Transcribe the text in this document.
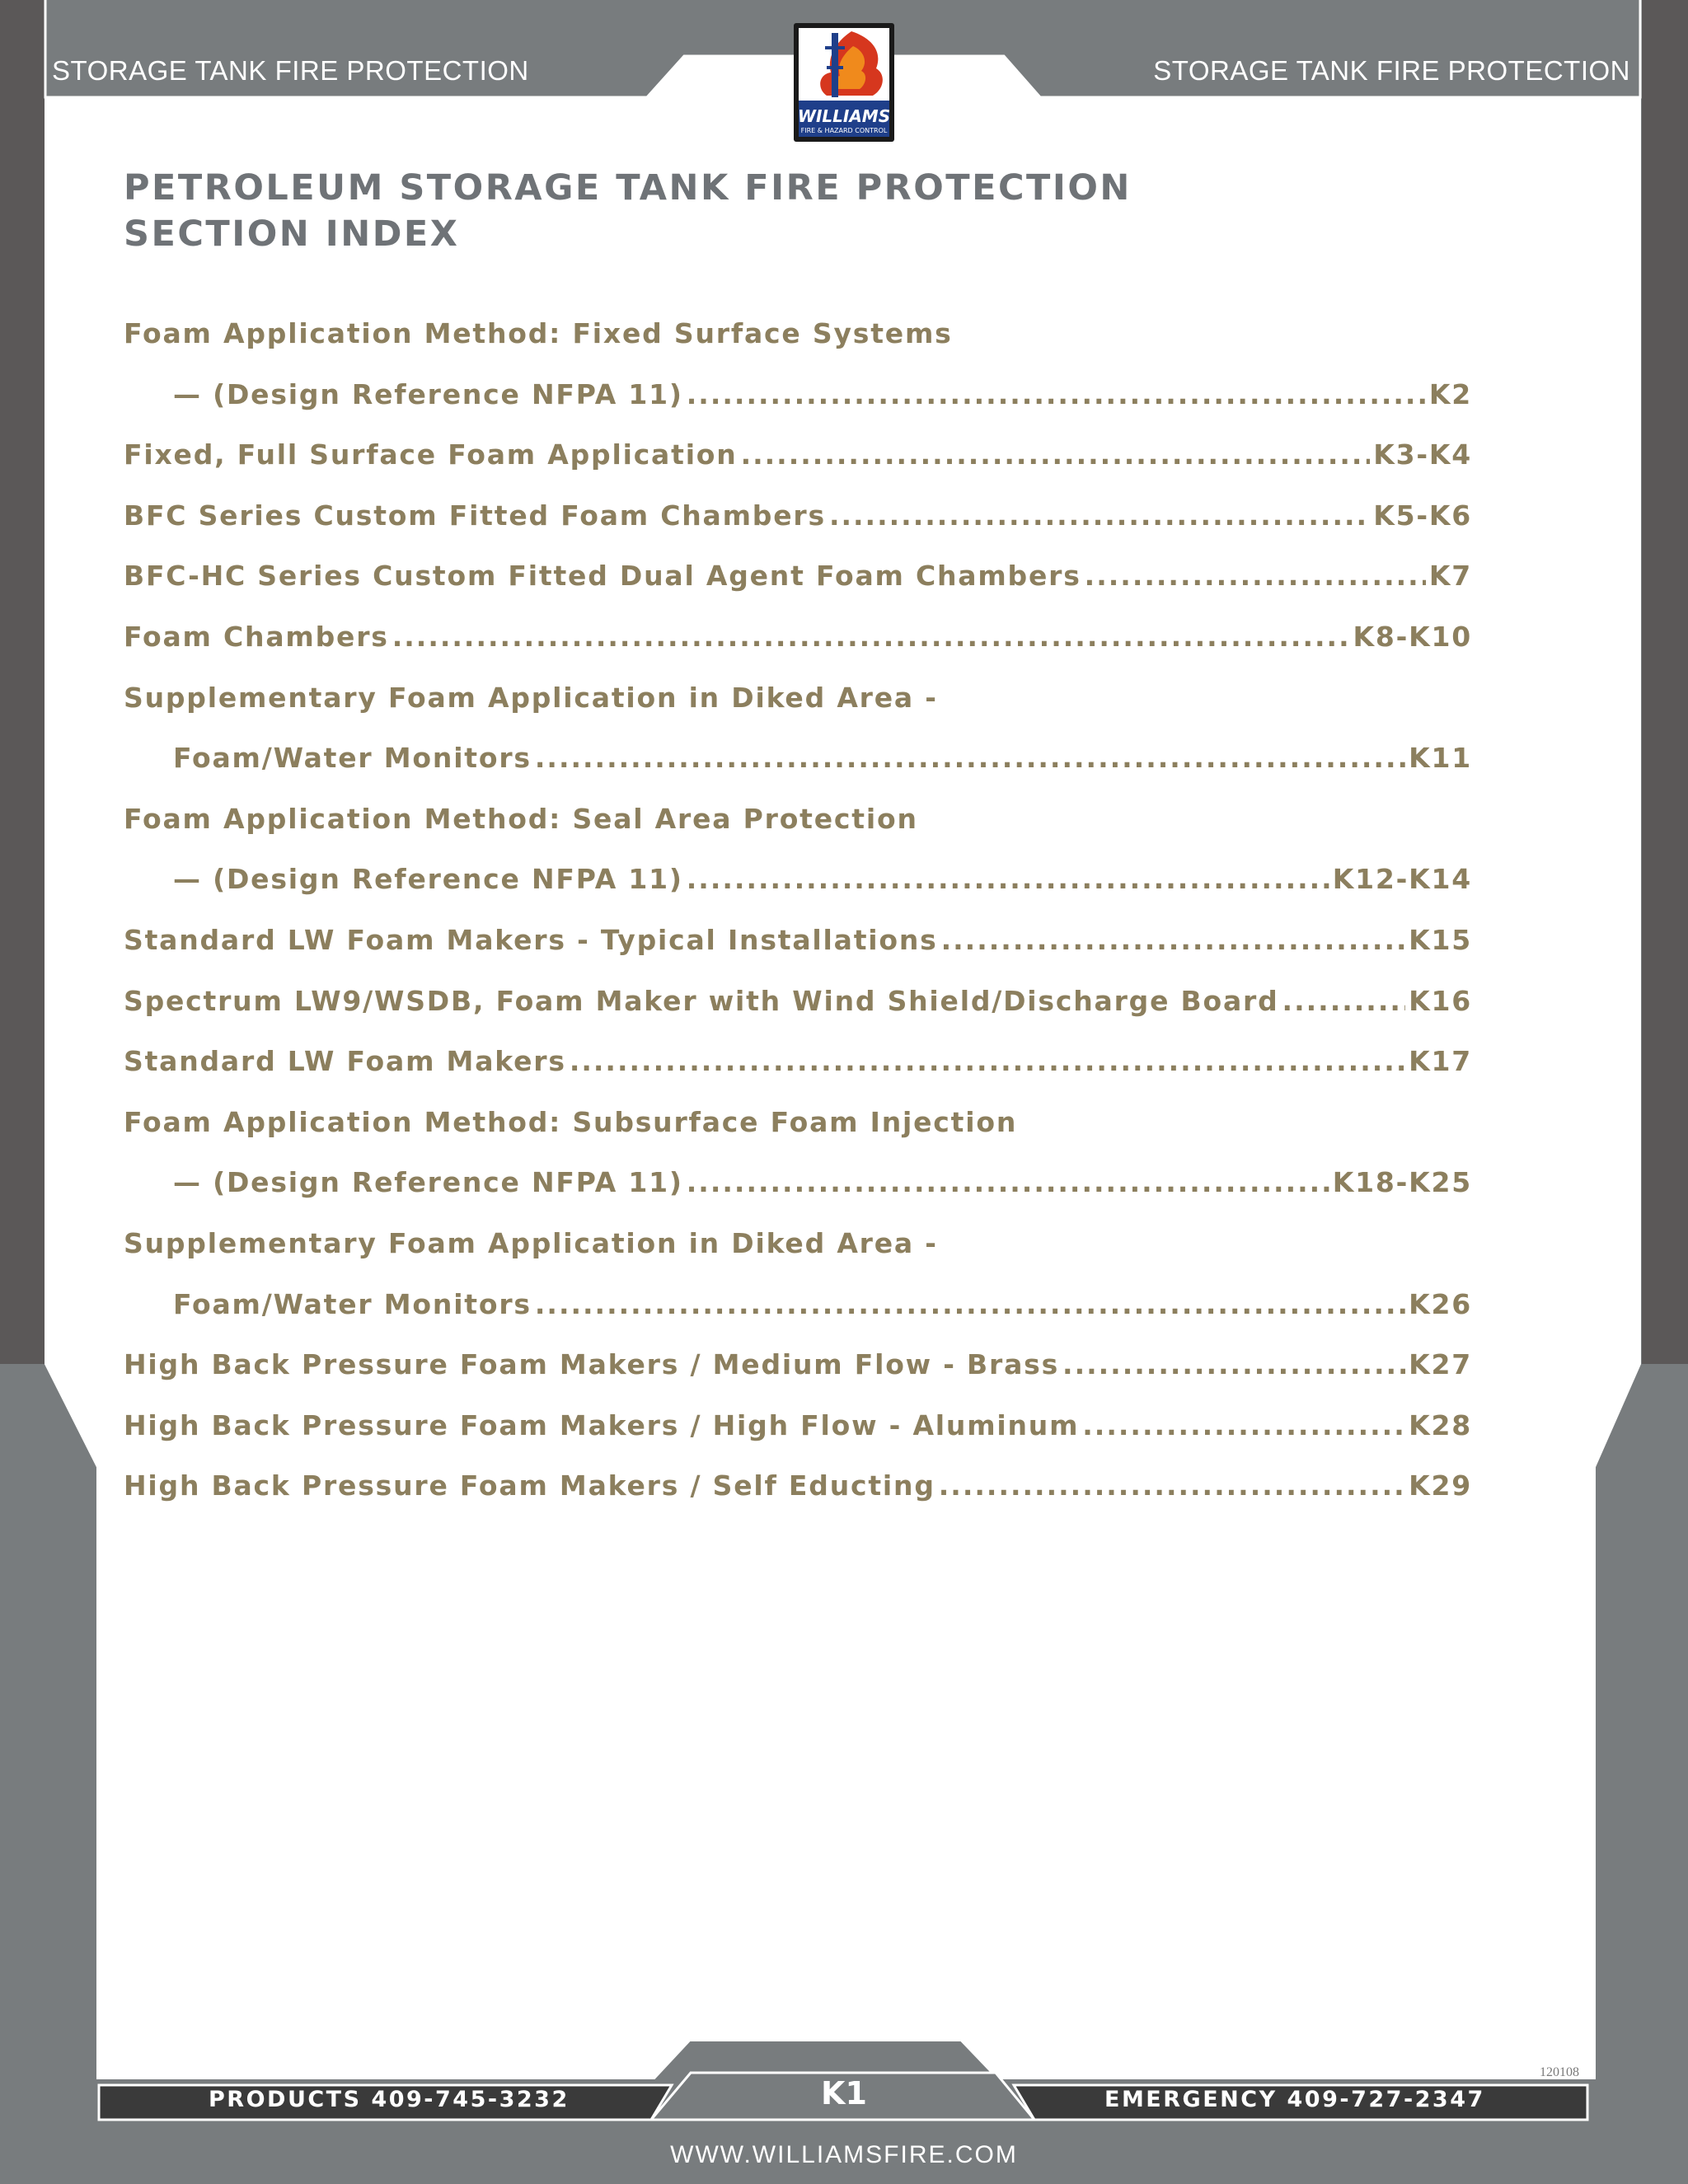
STORAGE TANK FIRE PROTECTION	STORAGE TANK FIRE PROTECTION
WILLIAMS
FIRE & HAZARD CONTROL
PETROLEUM STORAGE TANK FIRE PROTECTION
SECTION INDEX
Foam Application Method: Fixed Surface Systems
— (Design Reference NFPA 11) .....	K2
Fixed, Full Surface Foam Application .....	K3-K4
BFC Series Custom Fitted Foam Chambers .....	K5-K6
BFC-HC Series Custom Fitted Dual Agent Foam Chambers .....	K7
Foam Chambers .....	K8-K10
Supplementary Foam Application in Diked Area -
Foam/Water Monitors .....	K11
Foam Application Method: Seal Area Protection
— (Design Reference NFPA 11) .....	K12-K14
Standard LW Foam Makers - Typical Installations .....	K15
Spectrum LW9/WSDB, Foam Maker with Wind Shield/Discharge Board .....	K16
Standard LW Foam Makers .....	K17
Foam Application Method: Subsurface Foam Injection
— (Design Reference NFPA 11) .....	K18-K25
Supplementary Foam Application in Diked Area -
Foam/Water Monitors .....	K26
High Back Pressure Foam Makers / Medium Flow - Brass .....	K27
High Back Pressure Foam Makers / High Flow - Aluminum .....	K28
High Back Pressure Foam Makers / Self Educting .....	K29
120108
PRODUCTS 409-745-3232	K1	EMERGENCY 409-727-2347
WWW.WILLIAMSFIRE.COM
